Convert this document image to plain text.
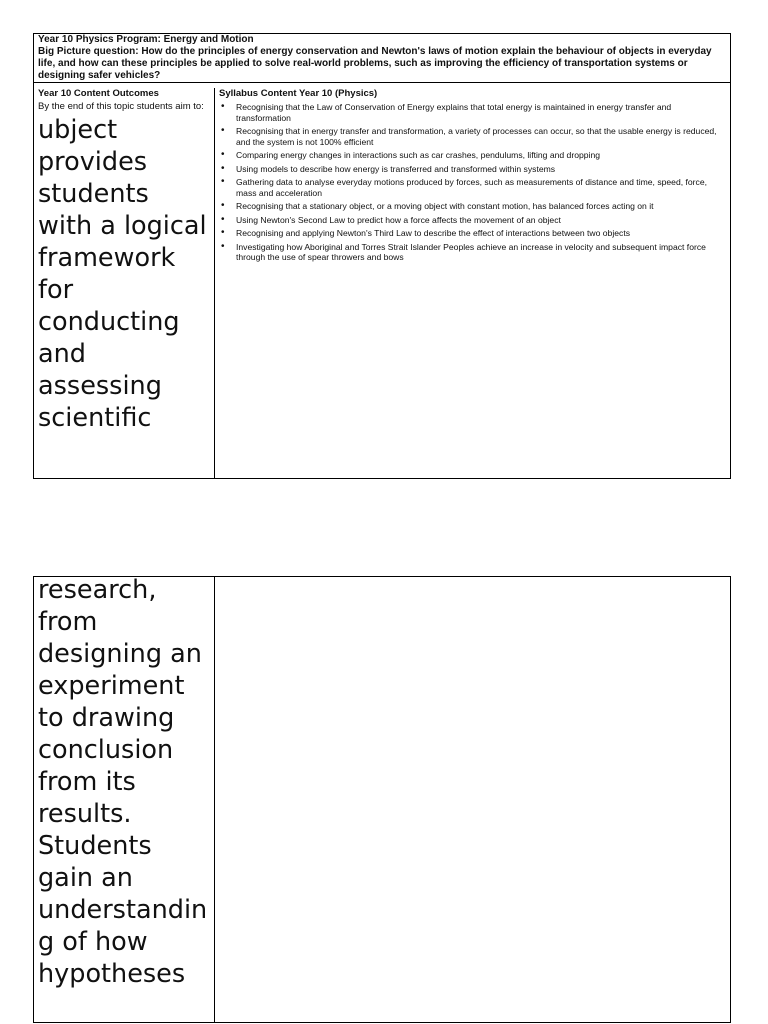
Year 10 Physics Program: Energy and Motion
Big Picture question: How do the principles of energy conservation and Newton's laws of motion explain the behaviour of objects in everyday life, and how can these principles be applied to solve real-world problems, such as improving the efficiency of transportation systems or designing safer vehicles?
Year 10 Content Outcomes
By the end of this topic students aim to:
ubject provides students with a logical framework for conducting and assessing scientific
Syllabus Content Year 10 (Physics)
• Recognising that the Law of Conservation of Energy explains that total energy is maintained in energy transfer and transformation
• Recognising that in energy transfer and transformation, a variety of processes can occur, so that the usable energy is reduced, and the system is not 100% efficient
• Comparing energy changes in interactions such as car crashes, pendulums, lifting and dropping
• Using models to describe how energy is transferred and transformed within systems
• Gathering data to analyse everyday motions produced by forces, such as measurements of distance and time, speed, force, mass and acceleration
• Recognising that a stationary object, or a moving object with constant motion, has balanced forces acting on it
• Using Newton's Second Law to predict how a force affects the movement of an object
• Recognising and applying Newton's Third Law to describe the effect of interactions between two objects
• Investigating how Aboriginal and Torres Strait Islander Peoples achieve an increase in velocity and subsequent impact force through the use of spear throwers and bows
research, from designing an experiment to drawing conclusion from its results. Students gain an understanding of how hypotheses
